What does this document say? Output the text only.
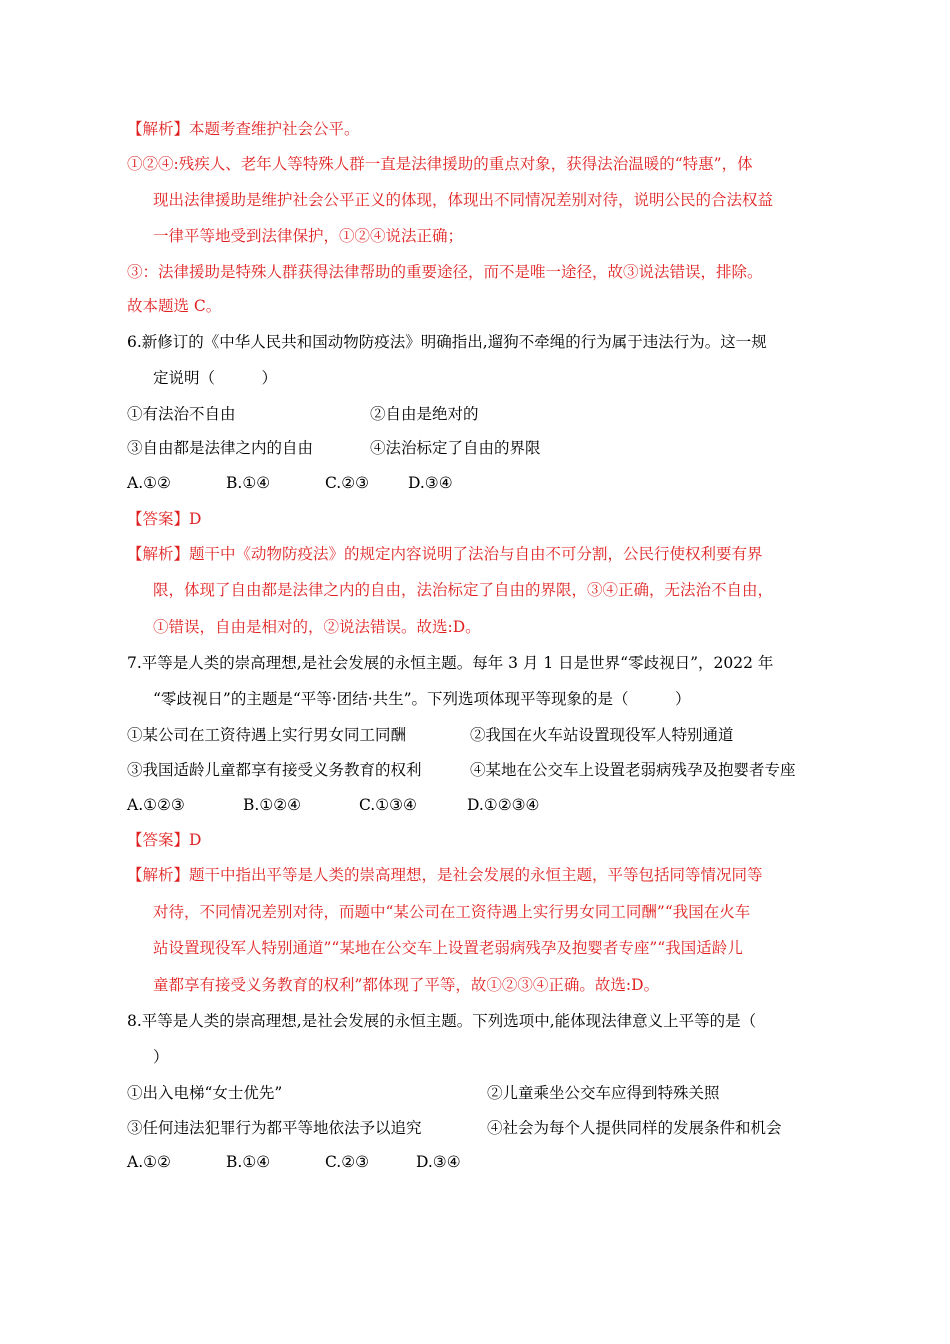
【解析】本题考查维护社会公平。
①②④:残疾人、老年人等特殊人群一直是法律援助的重点对象，获得法治温暖的“特惠”，体
现出法律援助是维护社会公平正义的体现，体现出不同情况差别对待，说明公民的合法权益
一律平等地受到法律保护，①②④说法正确；
③：法律援助是特殊人群获得法律帮助的重要途径，而不是唯一途径，故③说法错误，排除。
故本题选 C。
6.新修订的《中华人民共和国动物防疫法》明确指出,遛狗不牵绳的行为属于违法行为。这一规
定说明（　　　）
①有法治不自由	②自由是绝对的
③自由都是法律之内的自由	④法治标定了自由的界限
A.①②	B.①④	C.②③	D.③④
【答案】D
【解析】题干中《动物防疫法》的规定内容说明了法治与自由不可分割，公民行使权利要有界
限，体现了自由都是法律之内的自由，法治标定了自由的界限，③④正确，无法治不自由，
①错误，自由是相对的，②说法错误。故选:D。
7.平等是人类的崇高理想,是社会发展的永恒主题。每年 3 月 1 日是世界“零歧视日”，2022 年
“零歧视日”的主题是“平等·团结·共生”。下列选项体现平等现象的是（　　　）
①某公司在工资待遇上实行男女同工同酬	②我国在火车站设置现役军人特别通道
③我国适龄儿童都享有接受义务教育的权利	④某地在公交车上设置老弱病残孕及抱婴者专座
A.①②③	B.①②④	C.①③④	D.①②③④
【答案】D
【解析】题干中指出平等是人类的崇高理想，是社会发展的永恒主题，平等包括同等情况同等
对待，不同情况差别对待，而题中“某公司在工资待遇上实行男女同工同酬”“我国在火车
站设置现役军人特别通道”“某地在公交车上设置老弱病残孕及抱婴者专座”“我国适龄儿
童都享有接受义务教育的权利”都体现了平等，故①②③④正确。故选:D。
8.平等是人类的崇高理想,是社会发展的永恒主题。下列选项中,能体现法律意义上平等的是（
）
①出入电梯“女士优先”	②儿童乘坐公交车应得到特殊关照
③任何违法犯罪行为都平等地依法予以追究	④社会为每个人提供同样的发展条件和机会
A.①②	B.①④	C.②③	D.③④
